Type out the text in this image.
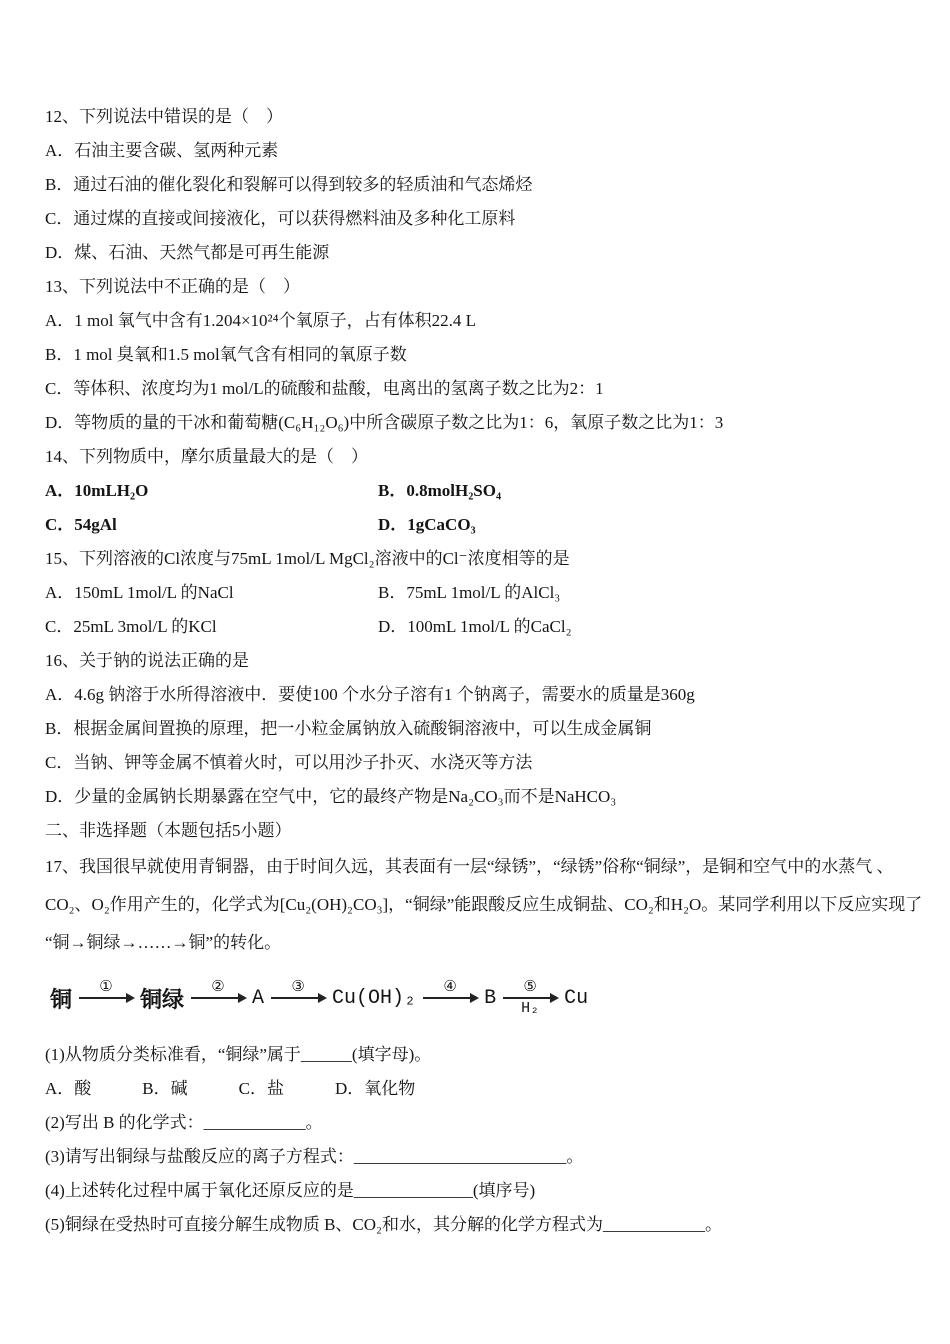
12、下列说法中错误的是（　）
A．石油主要含碳、氢两种元素
B．通过石油的催化裂化和裂解可以得到较多的轻质油和气态烯烃
C．通过煤的直接或间接液化，可以获得燃料油及多种化工原料
D．煤、石油、天然气都是可再生能源
13、下列说法中不正确的是（　）
A．1 mol 氧气中含有1.204×10²⁴个氧原子，占有体积22.4 L
B．1 mol 臭氧和1.5 mol氧气含有相同的氧原子数
C．等体积、浓度均为1 mol/L的硫酸和盐酸，电离出的氢离子数之比为2：1
D．等物质的量的干冰和葡萄糖(C₆H₁₂O₆)中所含碳原子数之比为1：6，氧原子数之比为1：3
14、下列物质中，摩尔质量最大的是（　）
A．10mLH₂O	B．0.8molH₂SO₄
C．54gAl	D．1gCaCO₃
15、下列溶液的Cl浓度与75mL 1mol/L MgCl₂溶液中的Cl⁻浓度相等的是
A．150mL 1mol/L 的NaCl	B．75mL 1mol/L 的AlCl₃
C．25mL 3mol/L 的KCl	D．100mL 1mol/L 的CaCl₂
16、关于钠的说法正确的是
A．4.6g 钠溶于水所得溶液中．要使100 个水分子溶有1 个钠离子，需要水的质量是360g
B．根据金属间置换的原理，把一小粒金属钠放入硫酸铜溶液中，可以生成金属铜
C．当钠、钾等金属不慎着火时，可以用沙子扑灭、水浇灭等方法
D．少量的金属钠长期暴露在空气中，它的最终产物是Na₂CO₃而不是NaHCO₃
二、非选择题（本题包括5小题）
17、我国很早就使用青铜器，由于时间久远，其表面有一层“绿锈”，“绿锈”俗称“铜绿”，是铜和空气中的水蒸气 、
CO₂、O₂作用产生的，化学式为[Cu₂(OH)₂CO₃]，“铜绿”能跟酸反应生成铜盐、CO₂和H₂O。某同学利用以下反应实现了
“铜→铜绿→……→铜”的转化。
铜 ① 铜绿 ② A ③ Cu(OH)₂ ④ B ⑤
H₂ Cu
(1)从物质分类标准看，“铜绿”属于______(填字母)。
A．酸　　　B．碱　　　C．盐　　　D．氧化物
(2)写出 B 的化学式：____________。
(3)请写出铜绿与盐酸反应的离子方程式：_________________________。
(4)上述转化过程中属于氧化还原反应的是______________(填序号)
(5)铜绿在受热时可直接分解生成物质 B、CO₂和水，其分解的化学方程式为____________。
